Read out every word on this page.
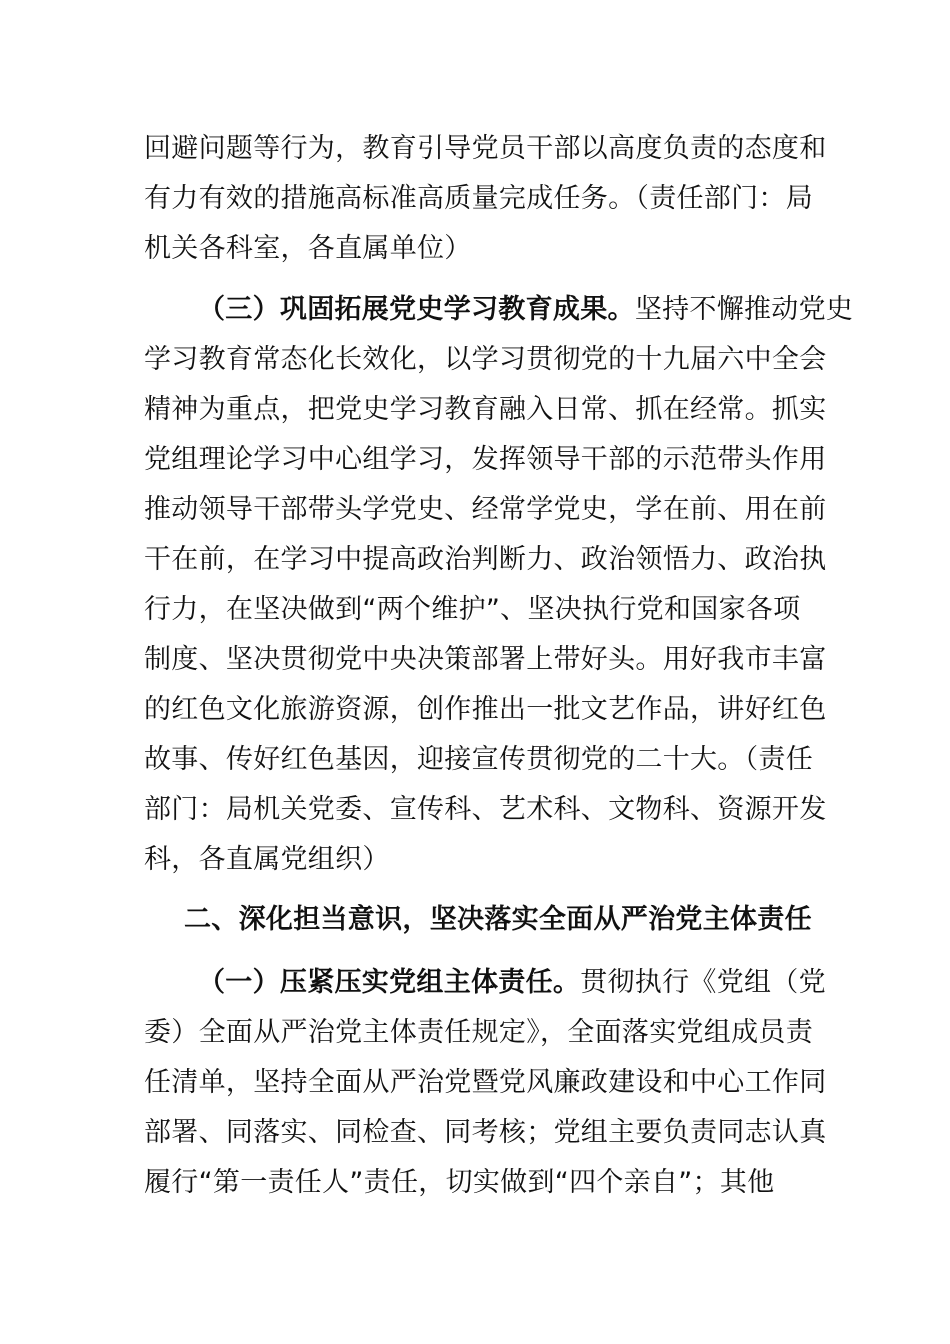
回避问题等行为，教育引导党员干部以高度负责的态度和
有力有效的措施高标准高质量完成任务。（责任部门：局
机关各科室，各直属单位）
（三）巩固拓展党史学习教育成果。坚持不懈推动党史
学习教育常态化长效化，以学习贯彻党的十九届六中全会
精神为重点，把党史学习教育融入日常、抓在经常。抓实
党组理论学习中心组学习，发挥领导干部的示范带头作用
推动领导干部带头学党史、经常学党史，学在前、用在前
干在前，在学习中提高政治判断力、政治领悟力、政治执
行力，在坚决做到“两个维护”、坚决执行党和国家各项
制度、坚决贯彻党中央决策部署上带好头。用好我市丰富
的红色文化旅游资源，创作推出一批文艺作品，讲好红色
故事、传好红色基因，迎接宣传贯彻党的二十大。（责任
部门：局机关党委、宣传科、艺术科、文物科、资源开发
科，各直属党组织）
二、深化担当意识，坚决落实全面从严治党主体责任
（一）压紧压实党组主体责任。贯彻执行《党组（党
委）全面从严治党主体责任规定》，全面落实党组成员责
任清单，坚持全面从严治党暨党风廉政建设和中心工作同
部署、同落实、同检查、同考核；党组主要负责同志认真
履行“第一责任人”责任，切实做到“四个亲自”；其他
